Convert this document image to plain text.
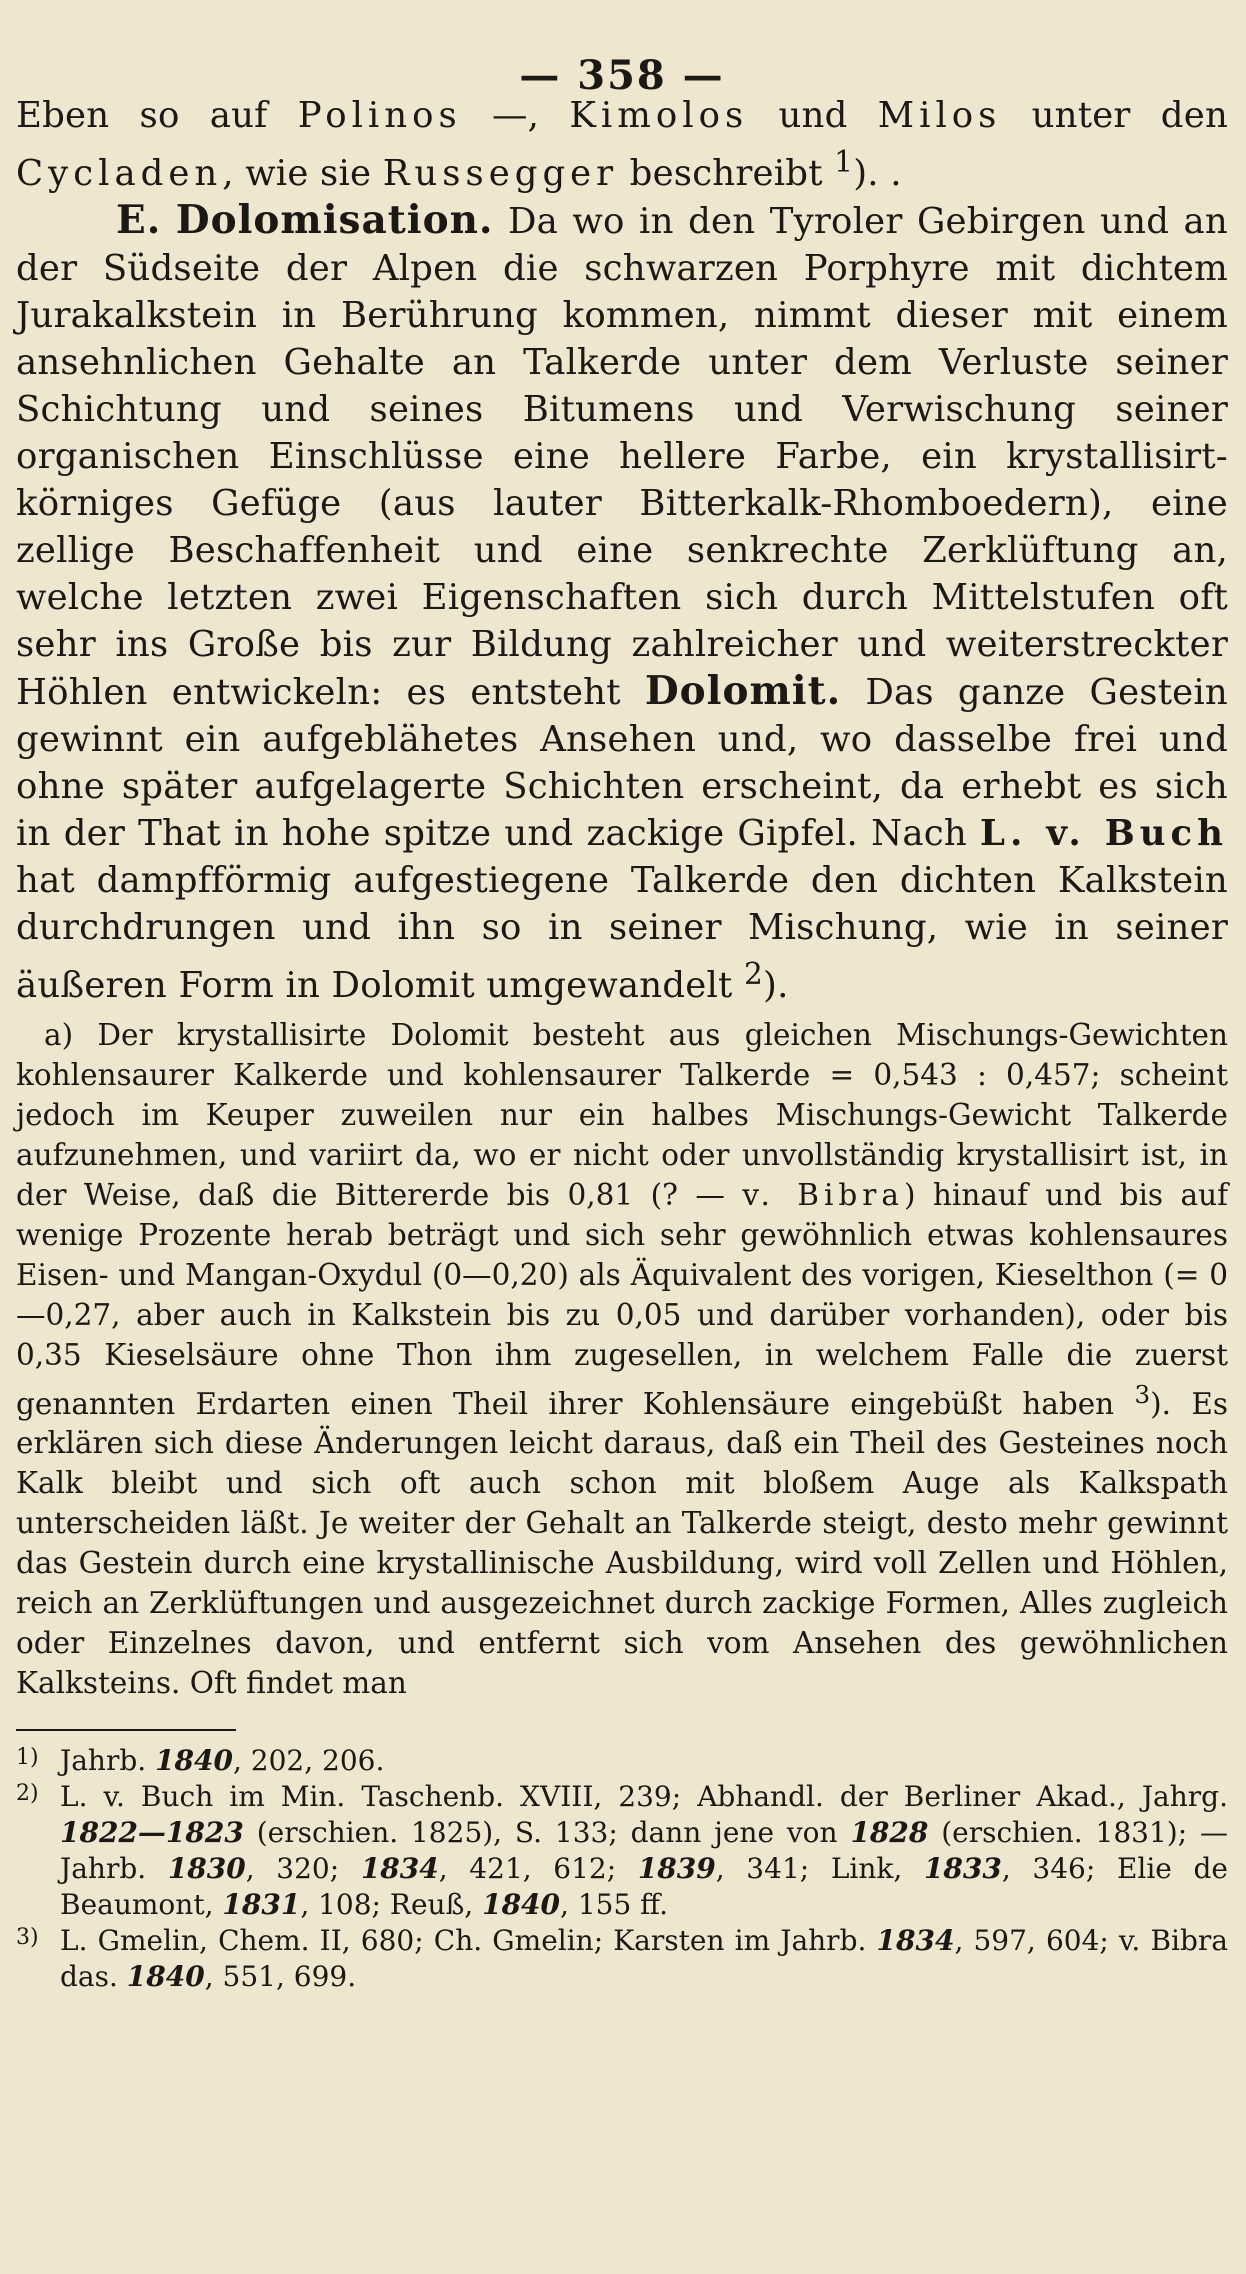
— 358 —

Eben so auf Polinos —, Kimolos und Milos unter den Cycladen, wie sie Russegger beschreibt $^1$). .

E. Dolomisation. Da wo in den Tyroler Gebirgen und an der Südseite der Alpen die schwarzen Porphyre mit dichtem Jurakalkstein in Berührung kommen, nimmt dieser mit einem ansehnlichen Gehalte an Talkerde unter dem Verluste seiner Schichtung und seines Bitumens und Verwischung seiner organischen Einschlüsse eine hellere Farbe, ein krystallisirt-körniges Gefüge (aus lauter Bitterkalk-Rhomboedern), eine zellige Beschaffenheit und eine senkrechte Zerklüftung an, welche letzten zwei Eigenschaften sich durch Mittelstufen oft sehr ins Große bis zur Bildung zahlreicher und weiterstreckter Höhlen entwickeln: es entsteht Dolomit. Das ganze Gestein gewinnt ein aufgeblähetes Ansehen und, wo dasselbe frei und ohne später aufgelagerte Schichten erscheint, da erhebt es sich in der That in hohe spitze und zackige Gipfel. Nach L. v. Buch hat dampfförmig aufgestiegene Talkerde den dichten Kalkstein durchdrungen und ihn so in seiner Mischung, wie in seiner äußeren Form in Dolomit umgewandelt $^2$).

a) Der krystallisirte Dolomit besteht aus gleichen Mischungs-Gewichten kohlensaurer Kalkerde und kohlensaurer Talkerde = 0,543 : 0,457; scheint jedoch im Keuper zuweilen nur ein halbes Mischungs-Gewicht Talkerde aufzunehmen, und variirt da, wo er nicht oder unvollständig krystallisirt ist, in der Weise, daß die Bittererde bis 0,81 (? — v. Bibra) hinauf und bis auf wenige Prozente herab beträgt und sich sehr gewöhnlich etwas kohlensaures Eisen- und Mangan-Oxydul (0—0,20) als Äquivalent des vorigen, Kieselthon (= 0—0,27, aber auch in Kalkstein bis zu 0,05 und darüber vorhanden), oder bis 0,35 Kieselsäure ohne Thon ihm zugesellen, in welchem Falle die zuerst genannten Erdarten einen Theil ihrer Kohlensäure eingebüßt haben $^3$). Es erklären sich diese Änderungen leicht daraus, daß ein Theil des Gesteines noch Kalk bleibt und sich oft auch schon mit bloßem Auge als Kalkspath unterscheiden läßt. Je weiter der Gehalt an Talkerde steigt, desto mehr gewinnt das Gestein durch eine krystallinische Ausbildung, wird voll Zellen und Höhlen, reich an Zerklüftungen und ausgezeichnet durch zackige Formen, Alles zugleich oder Einzelnes davon, und entfernt sich vom Ansehen des gewöhnlichen Kalksteins. Oft findet man

1) Jahrb. 1840, 202, 206.
2) L. v. Buch im Min. Taschenb. XVIII, 239; Abhandl. der Berliner Akad., Jahrg. 1822—1823 (erschien. 1825), S. 133; dann jene von 1828 (erschien. 1831); — Jahrb. 1830, 320; 1834, 421, 612; 1839, 341; Link, 1833, 346; Elie de Beaumont, 1831, 108; Reuß, 1840, 155 ff.
3) L. Gmelin, Chem. II, 680; Ch. Gmelin; Karsten im Jahrb. 1834, 597, 604; v. Bibra das. 1840, 551, 699.
